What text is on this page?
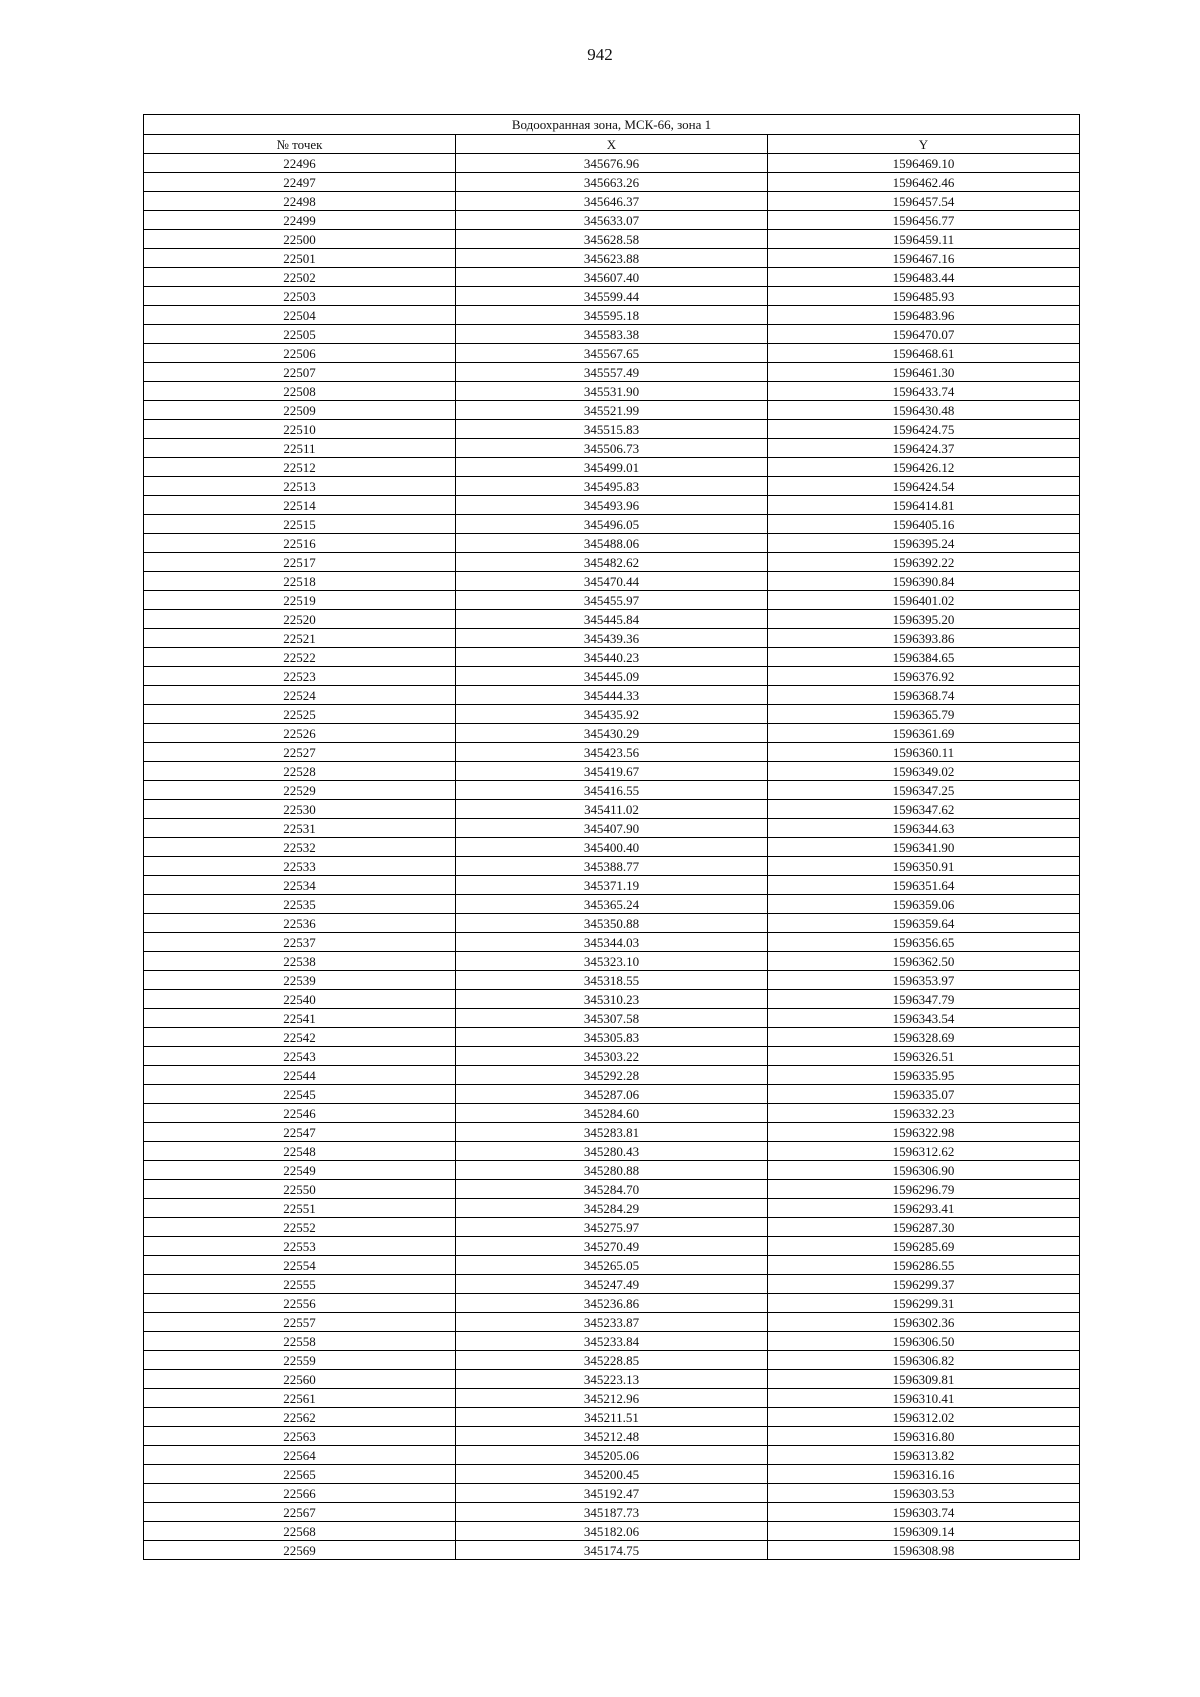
942
Водоохранная зона, МСК-66, зона 1		
№ точек	X	Y
22496	345676.96	1596469.10
22497	345663.26	1596462.46
22498	345646.37	1596457.54
22499	345633.07	1596456.77
22500	345628.58	1596459.11
22501	345623.88	1596467.16
22502	345607.40	1596483.44
22503	345599.44	1596485.93
22504	345595.18	1596483.96
22505	345583.38	1596470.07
22506	345567.65	1596468.61
22507	345557.49	1596461.30
22508	345531.90	1596433.74
22509	345521.99	1596430.48
22510	345515.83	1596424.75
22511	345506.73	1596424.37
22512	345499.01	1596426.12
22513	345495.83	1596424.54
22514	345493.96	1596414.81
22515	345496.05	1596405.16
22516	345488.06	1596395.24
22517	345482.62	1596392.22
22518	345470.44	1596390.84
22519	345455.97	1596401.02
22520	345445.84	1596395.20
22521	345439.36	1596393.86
22522	345440.23	1596384.65
22523	345445.09	1596376.92
22524	345444.33	1596368.74
22525	345435.92	1596365.79
22526	345430.29	1596361.69
22527	345423.56	1596360.11
22528	345419.67	1596349.02
22529	345416.55	1596347.25
22530	345411.02	1596347.62
22531	345407.90	1596344.63
22532	345400.40	1596341.90
22533	345388.77	1596350.91
22534	345371.19	1596351.64
22535	345365.24	1596359.06
22536	345350.88	1596359.64
22537	345344.03	1596356.65
22538	345323.10	1596362.50
22539	345318.55	1596353.97
22540	345310.23	1596347.79
22541	345307.58	1596343.54
22542	345305.83	1596328.69
22543	345303.22	1596326.51
22544	345292.28	1596335.95
22545	345287.06	1596335.07
22546	345284.60	1596332.23
22547	345283.81	1596322.98
22548	345280.43	1596312.62
22549	345280.88	1596306.90
22550	345284.70	1596296.79
22551	345284.29	1596293.41
22552	345275.97	1596287.30
22553	345270.49	1596285.69
22554	345265.05	1596286.55
22555	345247.49	1596299.37
22556	345236.86	1596299.31
22557	345233.87	1596302.36
22558	345233.84	1596306.50
22559	345228.85	1596306.82
22560	345223.13	1596309.81
22561	345212.96	1596310.41
22562	345211.51	1596312.02
22563	345212.48	1596316.80
22564	345205.06	1596313.82
22565	345200.45	1596316.16
22566	345192.47	1596303.53
22567	345187.73	1596303.74
22568	345182.06	1596309.14
22569	345174.75	1596308.98
